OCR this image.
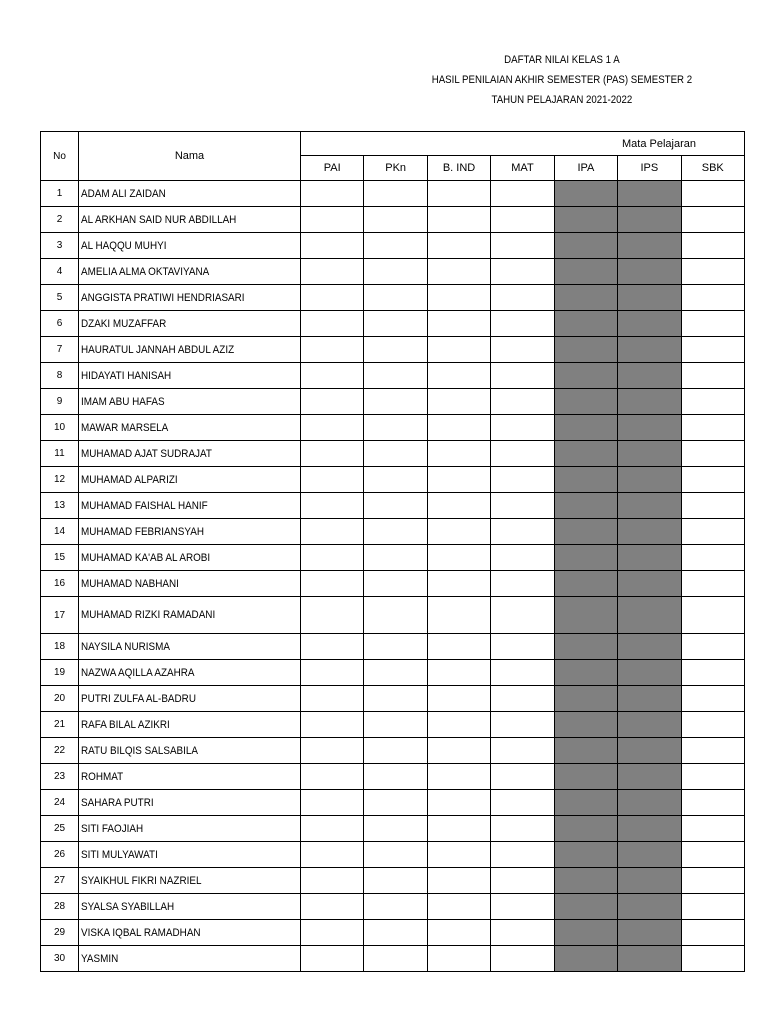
DAFTAR NILAI KELAS 1 A
HASIL PENILAIAN AKHIR SEMESTER (PAS) SEMESTER 2
TAHUN PELAJARAN 2021-2022
No	Nama	Mata Pelajaran						
		PAI	PKn	B. IND	MAT	IPA	IPS	SBK
1	ADAM ALI ZAIDAN							
2	AL ARKHAN SAID NUR ABDILLAH							
3	AL HAQQU MUHYI							
4	AMELIA ALMA OKTAVIYANA							
5	ANGGISTA PRATIWI HENDRIASARI							
6	DZAKI MUZAFFAR							
7	HAURATUL JANNAH ABDUL AZIZ							
8	HIDAYATI HANISAH							
9	IMAM ABU HAFAS							
10	MAWAR MARSELA							
11	MUHAMAD AJAT SUDRAJAT							
12	MUHAMAD ALPARIZI							
13	MUHAMAD FAISHAL HANIF							
14	MUHAMAD FEBRIANSYAH							
15	MUHAMAD KA'AB AL AROBI							
16	MUHAMAD NABHANI							
17	MUHAMAD RIZKI RAMADANI							
18	NAYSILA NURISMA							
19	NAZWA AQILLA AZAHRA							
20	PUTRI ZULFA AL-BADRU							
21	RAFA BILAL AZIKRI							
22	RATU BILQIS SALSABILA							
23	ROHMAT							
24	SAHARA PUTRI							
25	SITI FAOJIAH							
26	SITI MULYAWATI							
27	SYAIKHUL FIKRI NAZRIEL							
28	SYALSA SYABILLAH							
29	VISKA IQBAL RAMADHAN							
30	YASMIN							
